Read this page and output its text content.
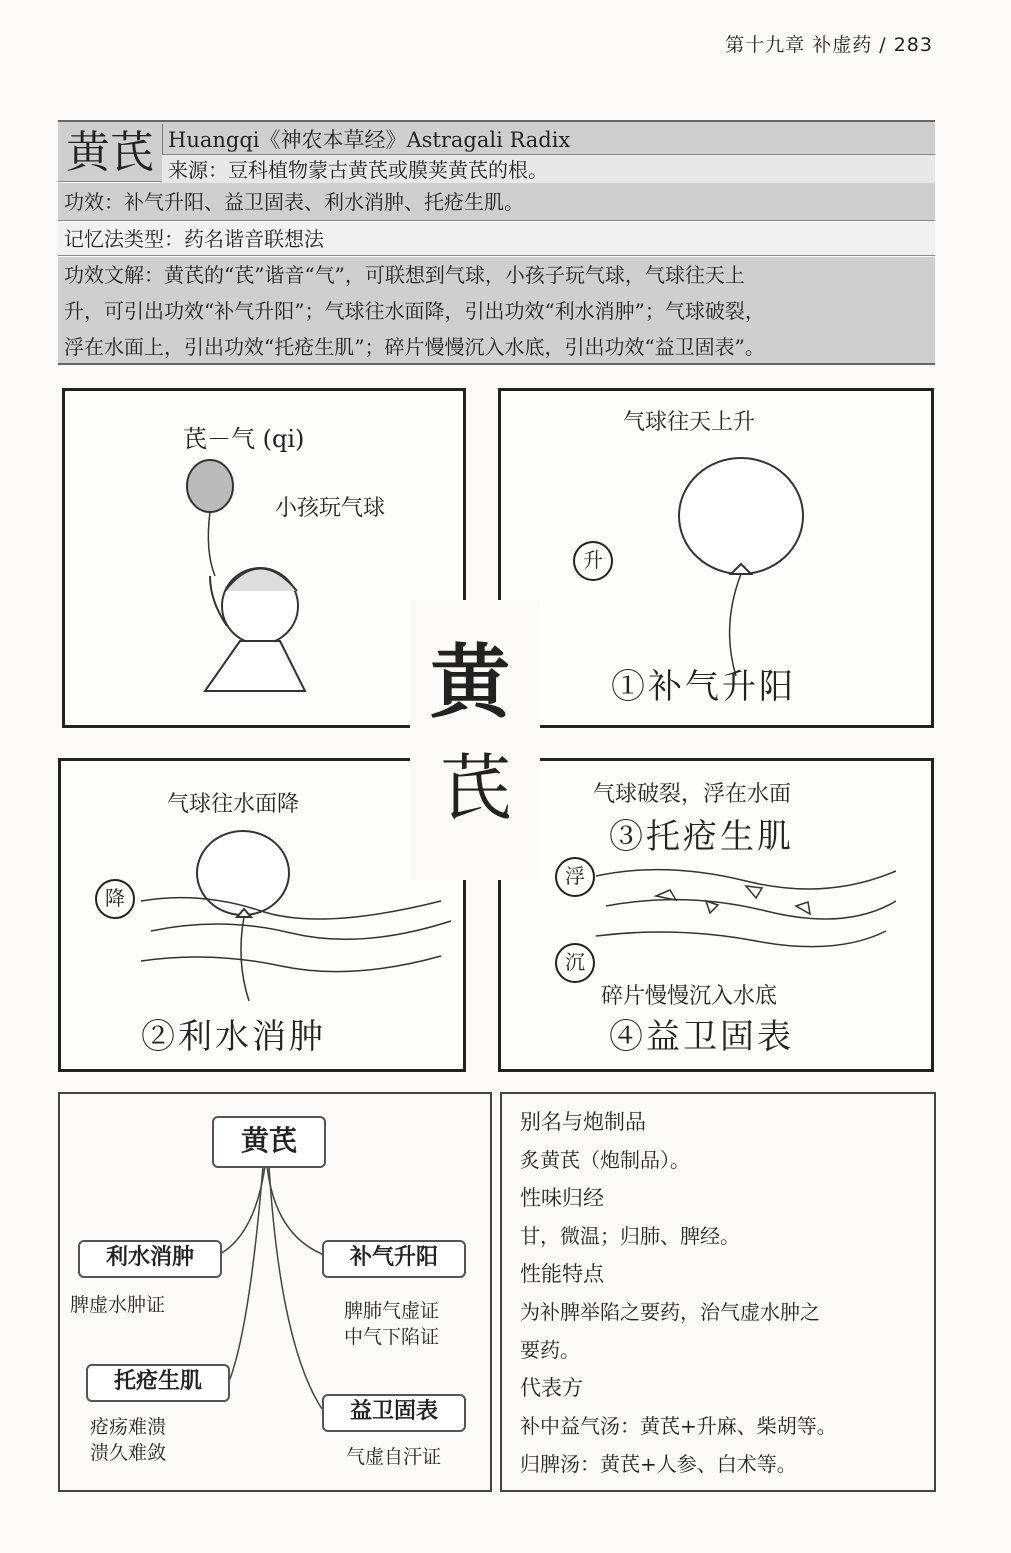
第十九章 补虚药 / 283
黄芪 Huangqi《神农本草经》Astragali Radix
来源：豆科植物蒙古黄芪或膜荚黄芪的根。
功效：补气升阳、益卫固表、利水消肿、托疮生肌。
记忆法类型：药名谐音联想法
功效文解：黄芪的“芪”谐音“气”，可联想到气球，小孩子玩气球，气球往天上
升，可引出功效“补气升阳”；气球往水面降，引出功效“利水消肿”；气球破裂，
浮在水面上，引出功效“托疮生肌”；碎片慢慢沉入水底，引出功效“益卫固表”。
芪－气 (qi)
小孩玩气球
气球往天上升
升
①补气升阳
气球往水面降
降
②利水消肿
气球破裂，浮在水面
③托疮生肌
浮
沉
碎片慢慢沉入水底
④益卫固表
黄
芪
黄芪
利水消肿
脾虚水肿证
补气升阳
脾肺气虚证
中气下陷证
托疮生肌
疮疡难溃
溃久难敛
益卫固表
气虚自汗证
别名与炮制品
炙黄芪（炮制品）。
性味归经
甘，微温；归肺、脾经。
性能特点
为补脾举陷之要药，治气虚水肿之
要药。
代表方
补中益气汤：黄芪+升麻、柴胡等。
归脾汤：黄芪+人参、白术等。
